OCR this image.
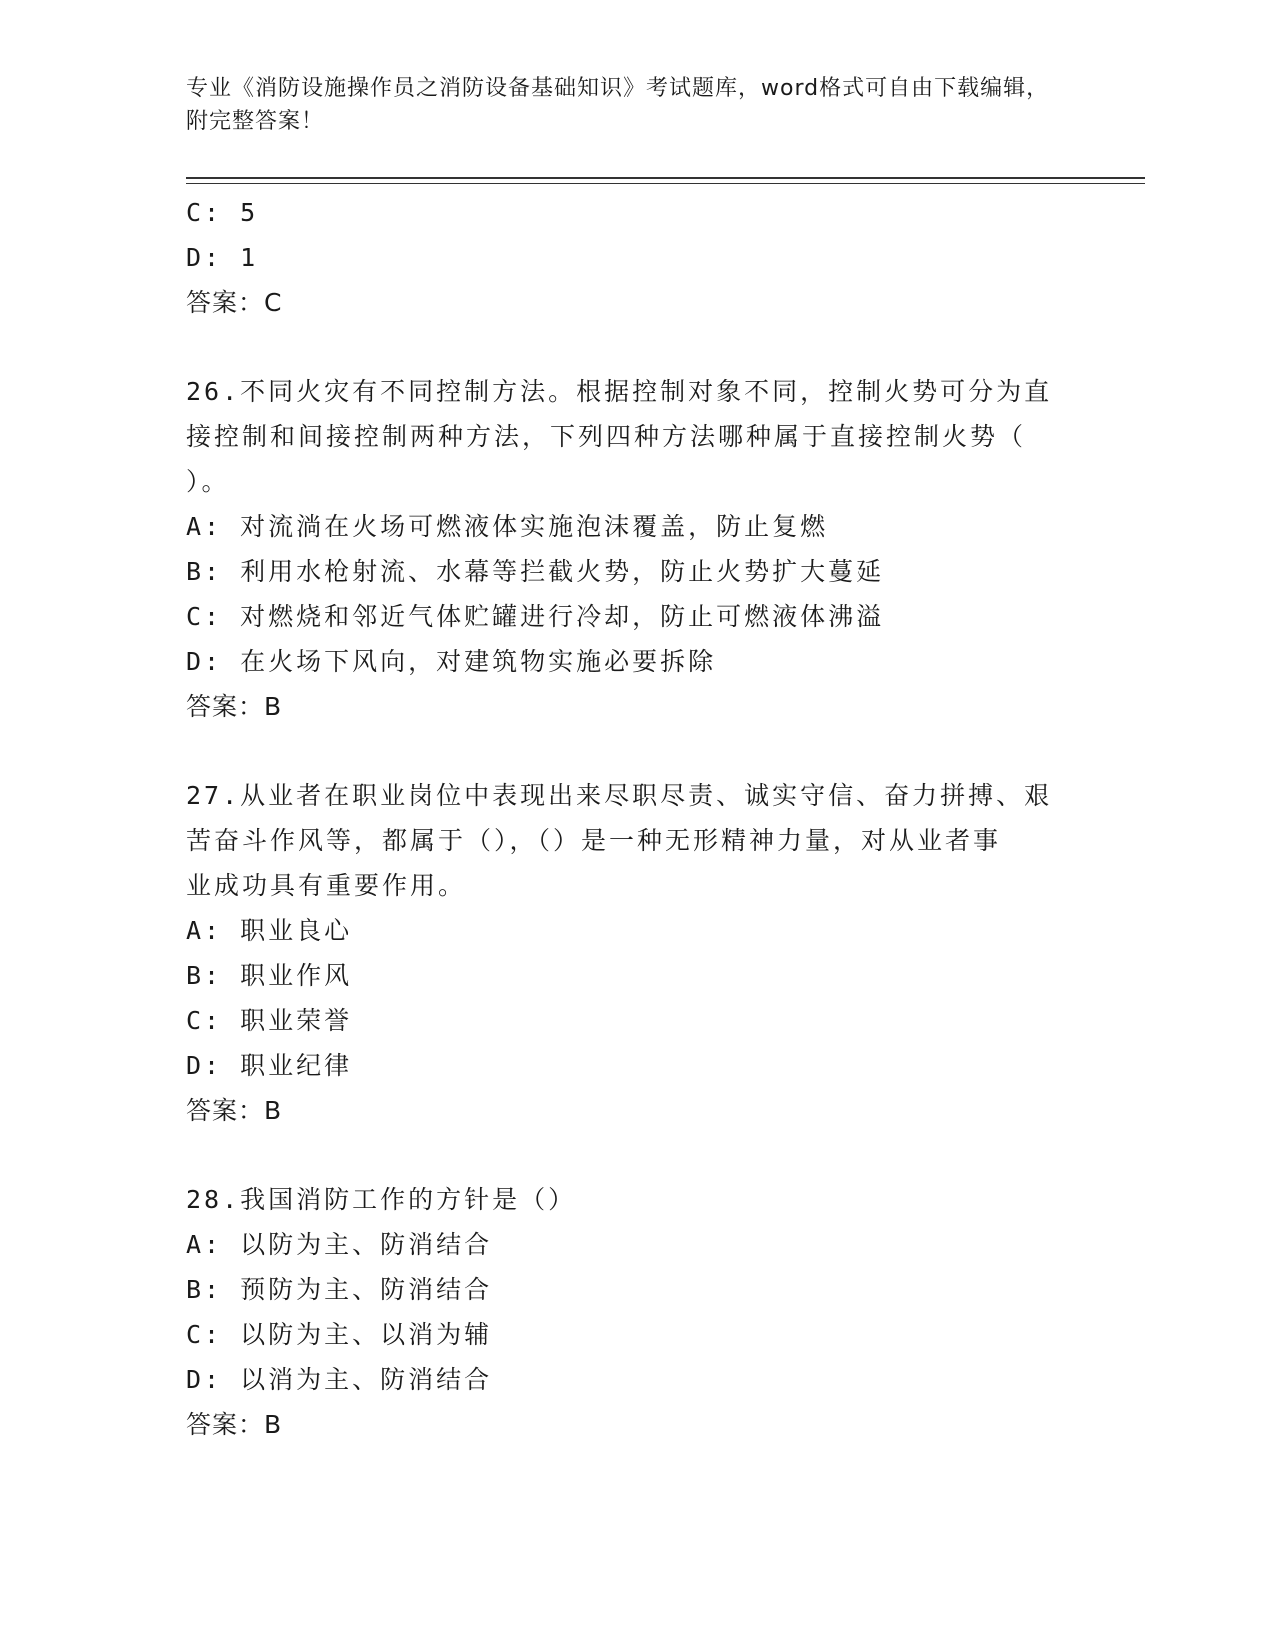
专业《消防设施操作员之消防设备基础知识》考试题库，word格式可自由下载编辑，附完整答案！
C: 5
D: 1
答案：C
26.不同火灾有不同控制方法。根据控制对象不同，控制火势可分为直
接控制和间接控制两种方法，下列四种方法哪种属于直接控制火势（
）。
A: 对流淌在火场可燃液体实施泡沫覆盖，防止复燃
B: 利用水枪射流、水幕等拦截火势，防止火势扩大蔓延
C: 对燃烧和邻近气体贮罐进行冷却，防止可燃液体沸溢
D: 在火场下风向，对建筑物实施必要拆除
答案：B
27.从业者在职业岗位中表现出来尽职尽责、诚实守信、奋力拼搏、艰
苦奋斗作风等，都属于（），（）是一种无形精神力量，对从业者事
业成功具有重要作用。
A: 职业良心
B: 职业作风
C: 职业荣誉
D: 职业纪律
答案：B
28.我国消防工作的方针是（）
A: 以防为主、防消结合
B: 预防为主、防消结合
C: 以防为主、以消为辅
D: 以消为主、防消结合
答案：B
